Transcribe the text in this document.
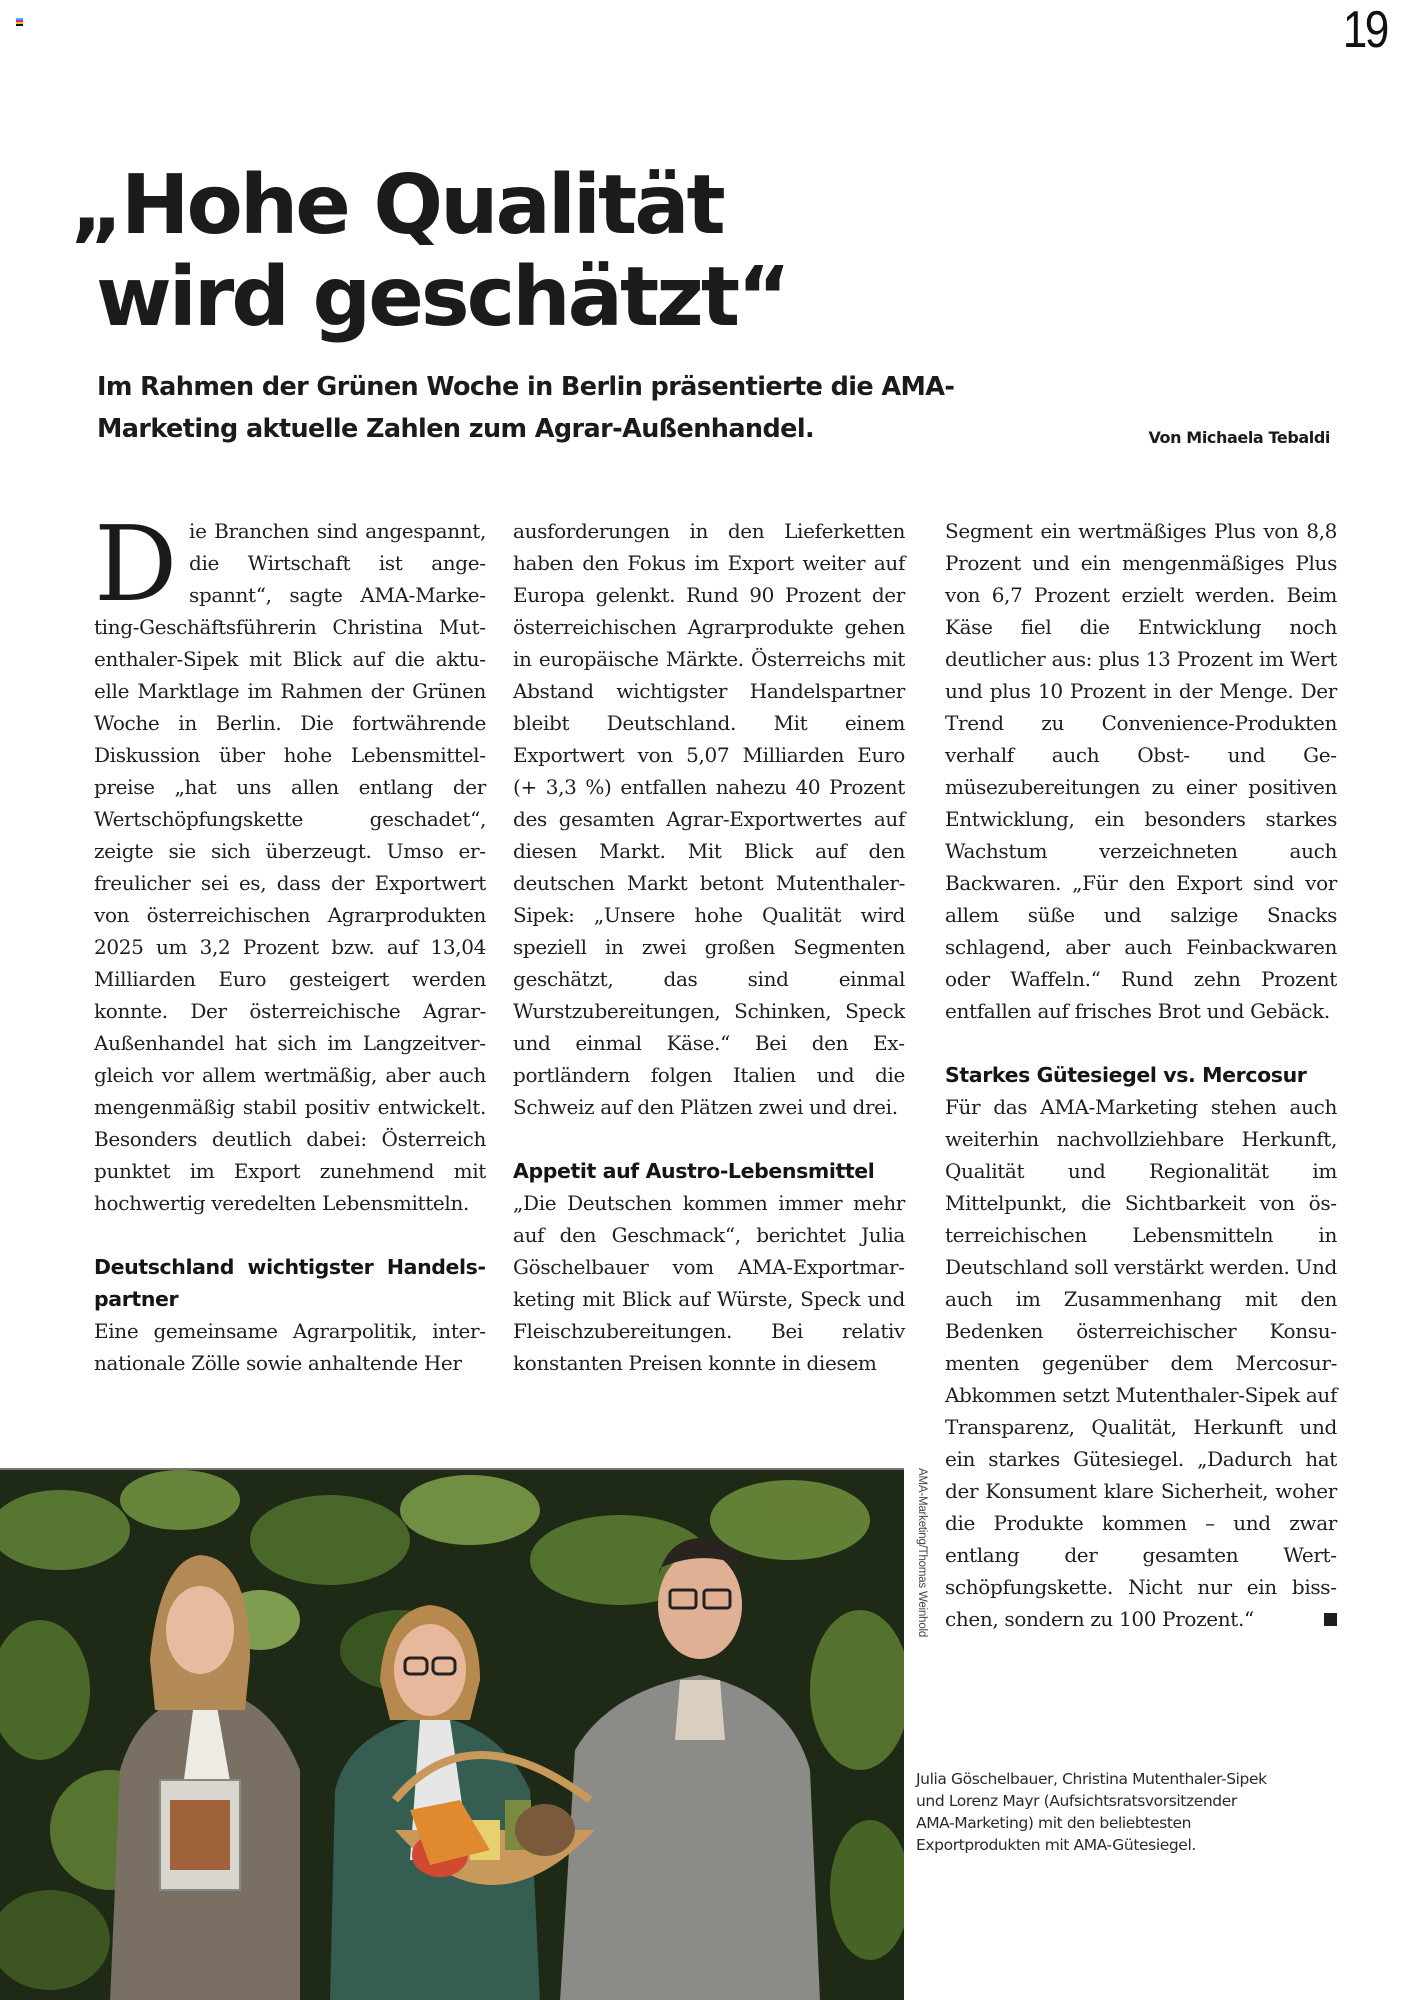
19
„Hohe Qualität

wird geschätzt“
Im Rahmen der Grünen Woche in Berlin präsentierte die AMA-Marketing aktuelle Zahlen zum Agrar-Außenhandel.	Von Michaela Tebaldi

Die Branchen sind angespannt, die Wirtschaft ist angespannt“, sagte AMA-Marketing-Geschäftsführerin Christina Mutenthaler-Sipek mit Blick auf die aktuelle Marktlage im Rahmen der Grünen Woche in Berlin. Die fortwährende Diskussion über hohe Lebensmittelpreise „hat uns allen entlang der Wertschöpfungskette geschadet“, zeigte sie sich überzeugt. Umso erfreulicher sei es, dass der Exportwert von österreichischen Agrarprodukten 2025 um 3,2 Prozent bzw. auf 13,04 Milliarden Euro gesteigert werden konnte. Der österreichische Agrar-Außenhandel hat sich im Langzeitvergleich vor allem wertmäßig, aber auch mengenmäßig stabil positiv entwickelt. Besonders deutlich dabei: Österreich punktet im Export zunehmend mit hochwertig veredelten Lebensmitteln.

Deutschland wichtigster Handelspartner

Eine gemeinsame Agrarpolitik, internationale Zölle sowie anhaltende Her

ausforderungen in den Lieferketten haben den Fokus im Export weiter auf Europa gelenkt. Rund 90 Prozent der österreichischen Agrarprodukte gehen in europäische Märkte. Österreichs mit Abstand wichtigster Handelspartner bleibt Deutschland. Mit einem Exportwert von 5,07 Milliarden Euro (+ 3,3 %) entfallen nahezu 40 Prozent des gesamten Agrar-Exportwertes auf diesen Markt. Mit Blick auf den deutschen Markt betont Mutenthaler-Sipek: „Unsere hohe Qualität wird speziell in zwei großen Segmenten geschätzt, das sind einmal Wurstzubereitungen, Schinken, Speck und einmal Käse.“ Bei den Exportländern folgen Italien und die Schweiz auf den Plätzen zwei und drei.

Appetit auf Austro-Lebensmittel

„Die Deutschen kommen immer mehr auf den Geschmack“, berichtet Julia Göschelbauer vom AMA-Exportmarketing mit Blick auf Würste, Speck und Fleischzubereitungen. Bei relativ konstanten Preisen konnte in diesem

Segment ein wertmäßiges Plus von 8,8 Prozent und ein mengenmäßiges Plus von 6,7 Prozent erzielt werden. Beim Käse fiel die Entwicklung noch deutlicher aus: plus 13 Prozent im Wert und plus 10 Prozent in der Menge. Der Trend zu Convenience-Produkten verhalf auch Obst- und Gemüsezubereitungen zu einer positiven Entwicklung, ein besonders starkes Wachstum verzeichneten auch Backwaren. „Für den Export sind vor allem süße und salzige Snacks schlagend, aber auch Feinbackwaren oder Waffeln.“ Rund zehn Prozent entfallen auf frisches Brot und Gebäck.

Starkes Gütesiegel vs. Mercosur

Für das AMA-Marketing stehen auch weiterhin nachvollziehbare Herkunft, Qualität und Regionalität im Mittelpunkt, die Sichtbarkeit von österreichischen Lebensmitteln in Deutschland soll verstärkt werden. Und auch im Zusammenhang mit den Bedenken österreichischer Konsumenten gegenüber dem Mercosur-Abkommen setzt Mutenthaler-Sipek auf Transparenz, Qualität, Herkunft und ein starkes Gütesiegel. „Dadurch hat der Konsument klare Sicherheit, woher die Produkte kommen – und zwar entlang der gesamten Wertschöpfungskette. Nicht nur ein bisschen, sondern zu 100 Prozent.“

AMA-Marketing/Thomas Weinhold
Julia Göschelbauer, Christina Mutenthaler-Sipek
und Lorenz Mayr (Aufsichtsratsvorsitzender
AMA-Marketing) mit den beliebtesten
Exportprodukten mit AMA-Gütesiegel.
